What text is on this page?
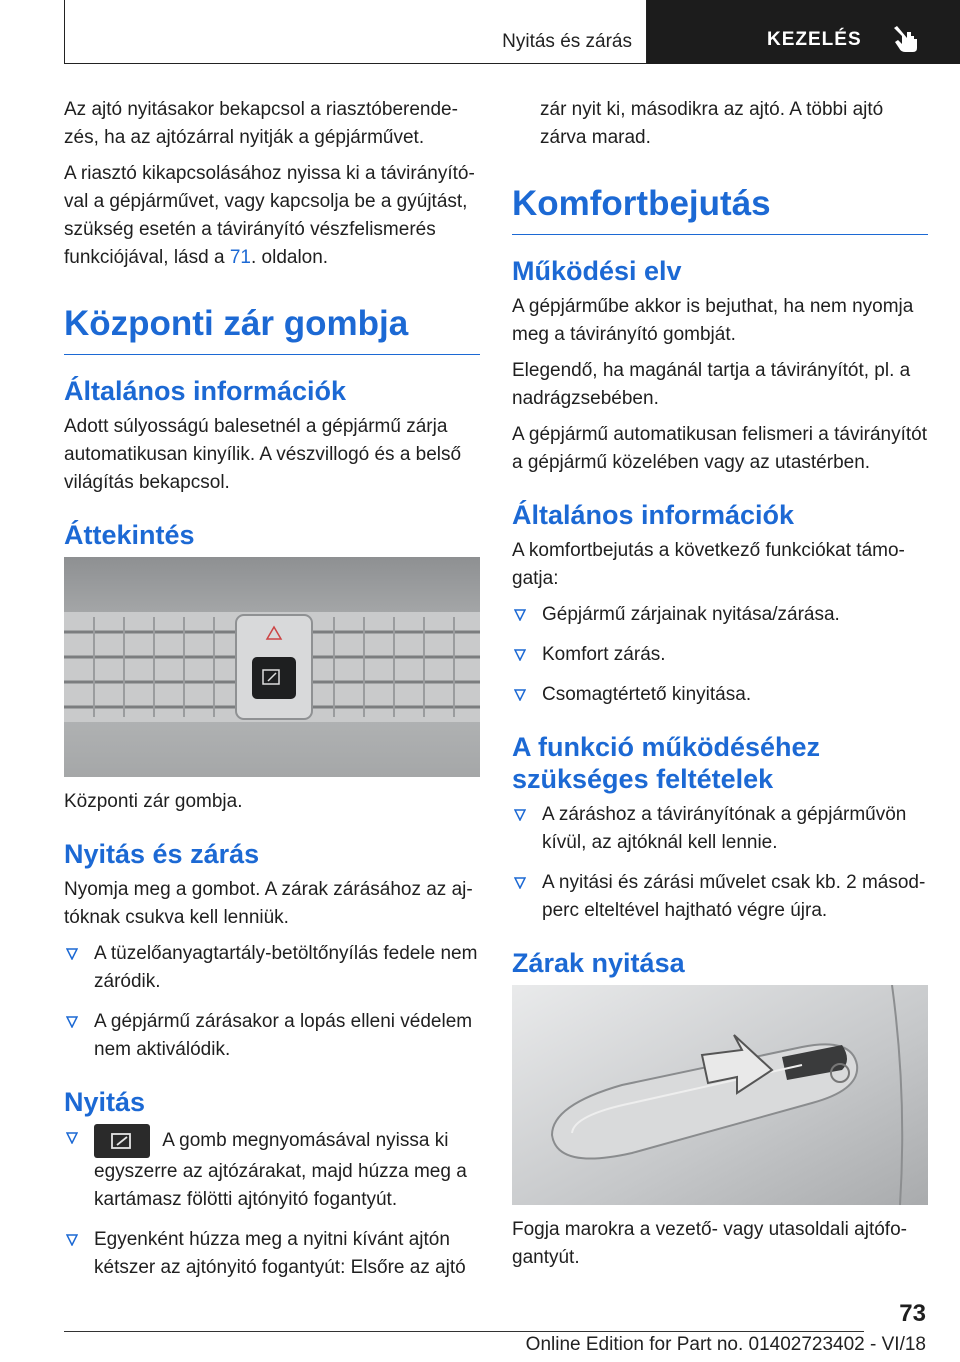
Nyitás és zárás	KEZELÉS

Az ajtó nyitásakor bekapcsol a riasztóberendezés, ha az ajtózárral nyitják a gépjárművet.

A riasztó kikapcsolásához nyissa ki a távirányítóval a gépjárművet, vagy kapcsolja be a gyújtást, szükség esetén a távirányító vészfelismerés funkciójával, lásd a 71. oldalon.

Központi zár gombja
Általános információk

Adott súlyosságú balesetnél a gépjármű zárja automatikusan kinyílik. A vészvillogó és a belső világítás bekapcsol.

Áttekintés

Központi zár gombja.

Nyitás és zárás

Nyomja meg a gombot. A zárak zárásához az ajtóknak csukva kell lenniük.

A tüzelőanyagtartály-betöltőnyílás fedele nem záródik.
A gépjármű zárásakor a lopás elleni védelem nem aktiválódik.
Nyitás
A gomb megnyomásával nyissa ki egyszerre az ajtózárakat, majd húzza meg a kartámasz fölötti ajtónyitó fogantyút.
Egyenként húzza meg a nyitni kívánt ajtón kétszer az ajtónyitó fogantyút: Elsőre az ajtó

zár nyit ki, másodikra az ajtó. A többi ajtó zárva marad.

Komfortbejutás
Működési elv

A gépjárműbe akkor is bejuthat, ha nem nyomja meg a távirányító gombját.

Elegendő, ha magánál tartja a távirányítót, pl. a nadrágzsebében.

A gépjármű automatikusan felismeri a távirányítót a gépjármű közelében vagy az utastérben.

Általános információk

A komfortbejutás a következő funkciókat támogatja:

Gépjármű zárjainak nyitása/zárása.
Komfort zárás.
Csomagtértető kinyitása.
A funkció működéséhez szükséges feltételek
A záráshoz a távirányítónak a gépjárművön kívül, az ajtóknál kell lennie.
A nyitási és zárási művelet csak kb. 2 másodperc elteltével hajtható végre újra.
Zárak nyitása

Fogja marokra a vezető- vagy utasoldali ajtófogantyút.

73
Online Edition for Part no. 01402723402 - VI/18
